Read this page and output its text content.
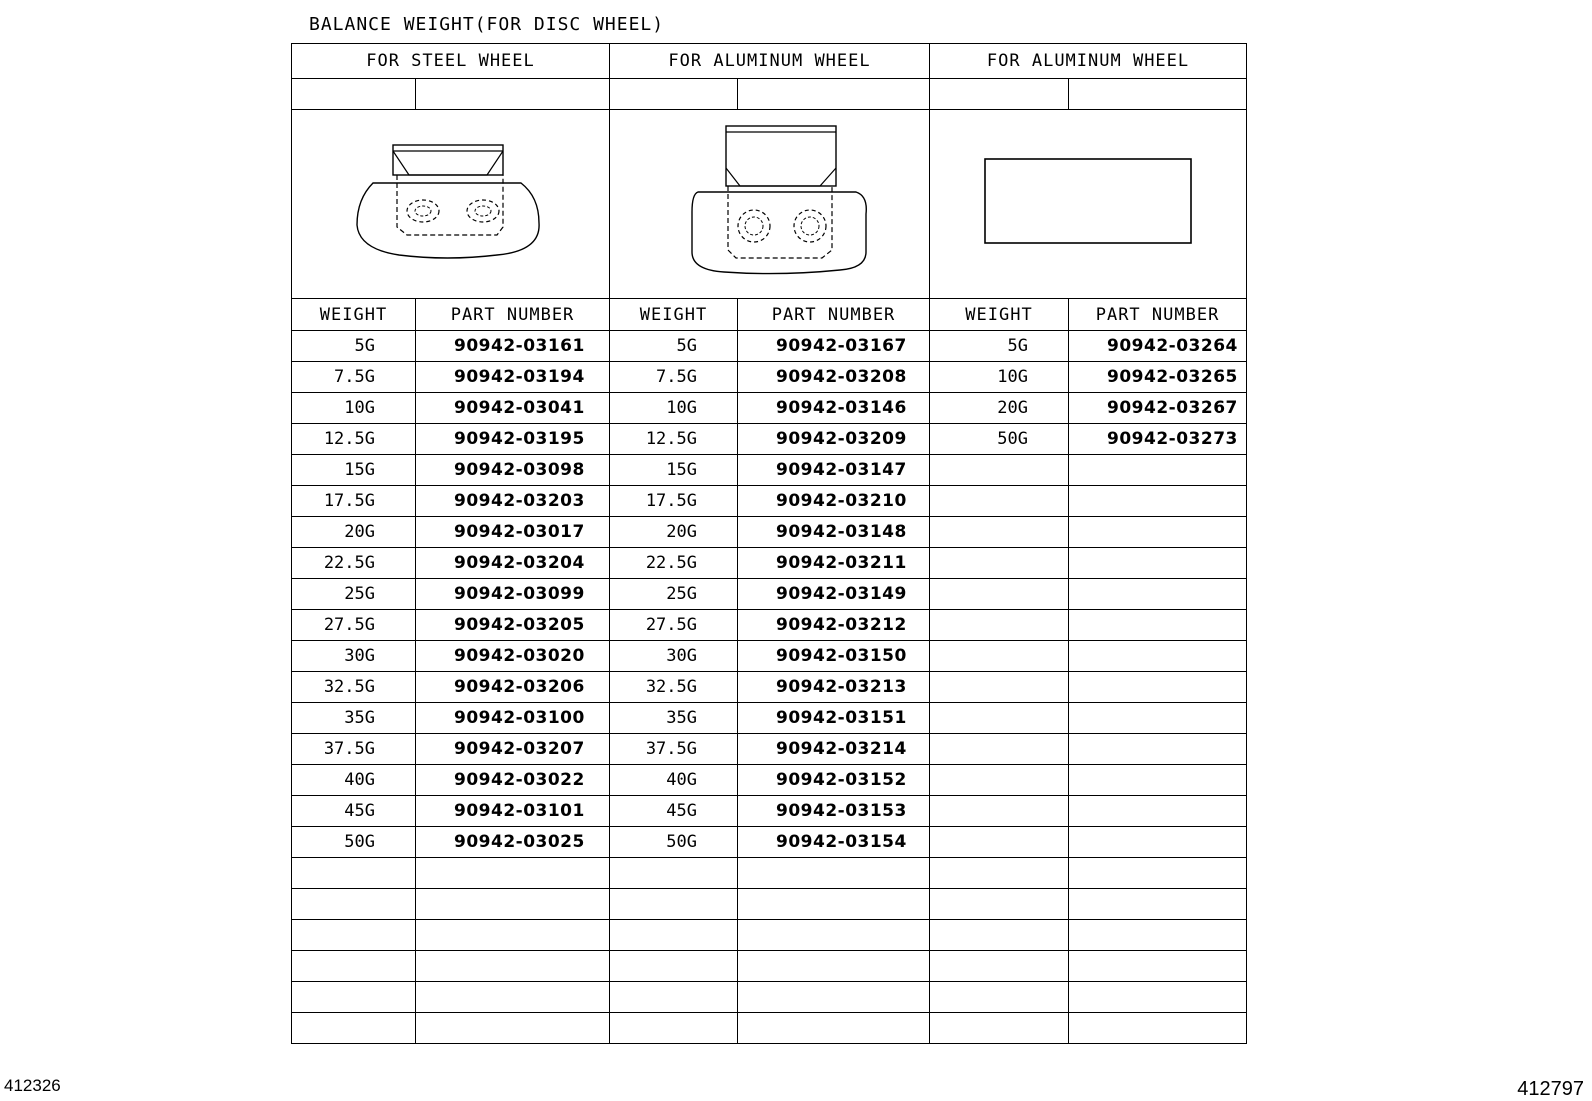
BALANCE WEIGHT(FOR DISC WHEEL)
FOR STEEL WHEEL		FOR ALUMINUM WHEEL		FOR ALUMINUM WHEEL	

WEIGHT	PART NUMBER	WEIGHT	PART NUMBER	WEIGHT	PART NUMBER
5G	90942-03161	5G	90942-03167	5G	90942-03264
7.5G	90942-03194	7.5G	90942-03208	10G	90942-03265
10G	90942-03041	10G	90942-03146	20G	90942-03267
12.5G	90942-03195	12.5G	90942-03209	50G	90942-03273
15G	90942-03098	15G	90942-03147		
17.5G	90942-03203	17.5G	90942-03210		
20G	90942-03017	20G	90942-03148		
22.5G	90942-03204	22.5G	90942-03211		
25G	90942-03099	25G	90942-03149		
27.5G	90942-03205	27.5G	90942-03212		
30G	90942-03020	30G	90942-03150		
32.5G	90942-03206	32.5G	90942-03213		
35G	90942-03100	35G	90942-03151		
37.5G	90942-03207	37.5G	90942-03214		
40G	90942-03022	40G	90942-03152		
45G	90942-03101	45G	90942-03153		
50G	90942-03025	50G	90942-03154		

412326	412797
